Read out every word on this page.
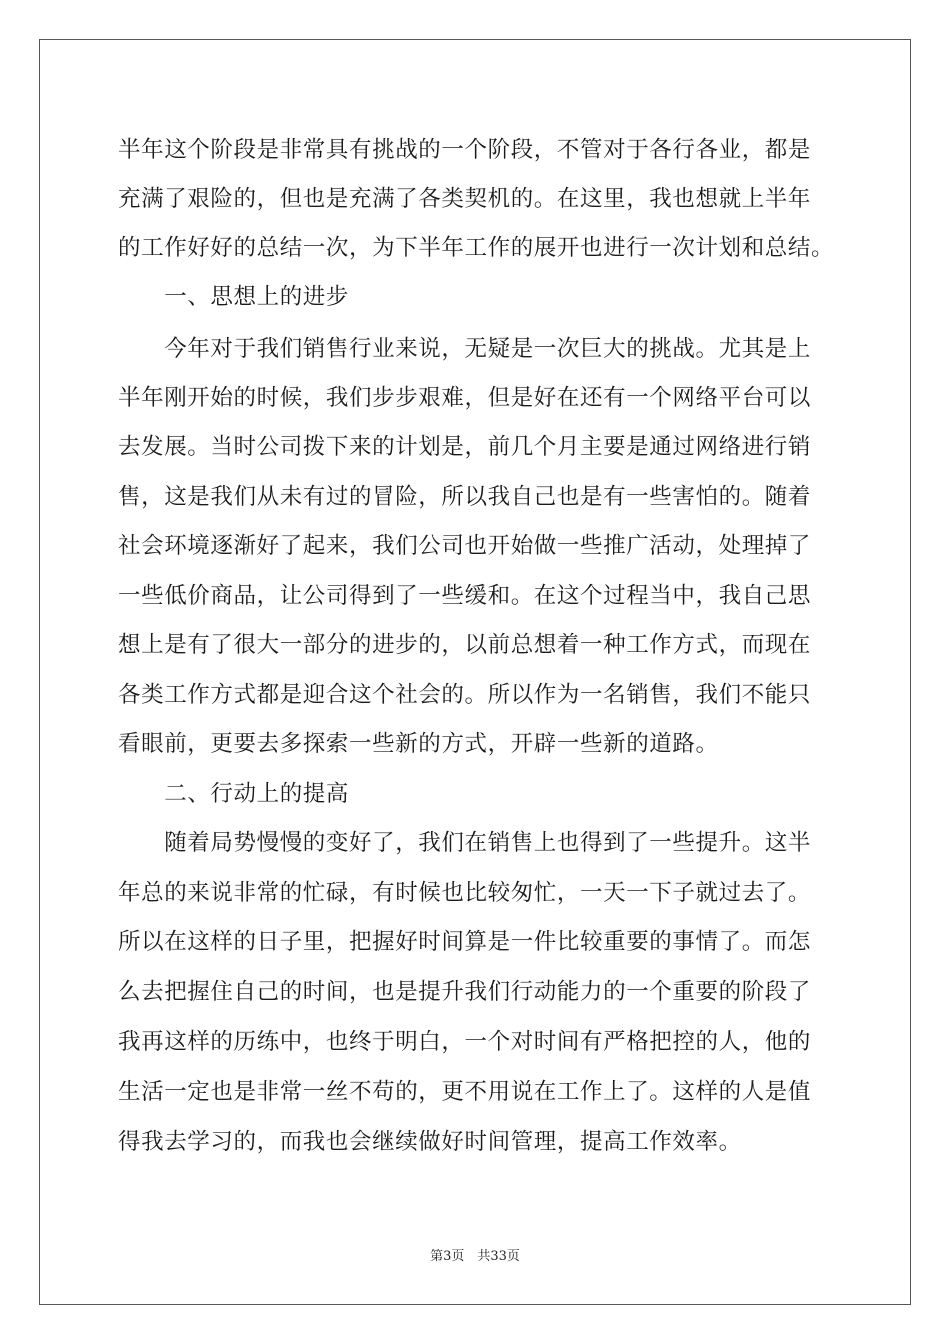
半年这个阶段是非常具有挑战的一个阶段，不管对于各行各业，都是
充满了艰险的，但也是充满了各类契机的。在这里，我也想就上半年
的工作好好的总结一次，为下半年工作的展开也进行一次计划和总结。
　　一、思想上的进步
　　今年对于我们销售行业来说，无疑是一次巨大的挑战。尤其是上
半年刚开始的时候，我们步步艰难，但是好在还有一个网络平台可以
去发展。当时公司拨下来的计划是，前几个月主要是通过网络进行销
售，这是我们从未有过的冒险，所以我自己也是有一些害怕的。随着
社会环境逐渐好了起来，我们公司也开始做一些推广活动，处理掉了
一些低价商品，让公司得到了一些缓和。在这个过程当中，我自己思
想上是有了很大一部分的进步的，以前总想着一种工作方式，而现在
各类工作方式都是迎合这个社会的。所以作为一名销售，我们不能只
看眼前，更要去多探索一些新的方式，开辟一些新的道路。
　　二、行动上的提高
　　随着局势慢慢的变好了，我们在销售上也得到了一些提升。这半
年总的来说非常的忙碌，有时候也比较匆忙，一天一下子就过去了。
所以在这样的日子里，把握好时间算是一件比较重要的事情了。而怎
么去把握住自己的时间，也是提升我们行动能力的一个重要的阶段了
我再这样的历练中，也终于明白，一个对时间有严格把控的人，他的
生活一定也是非常一丝不苟的，更不用说在工作上了。这样的人是值
得我去学习的，而我也会继续做好时间管理，提高工作效率。
第3页　共33页
